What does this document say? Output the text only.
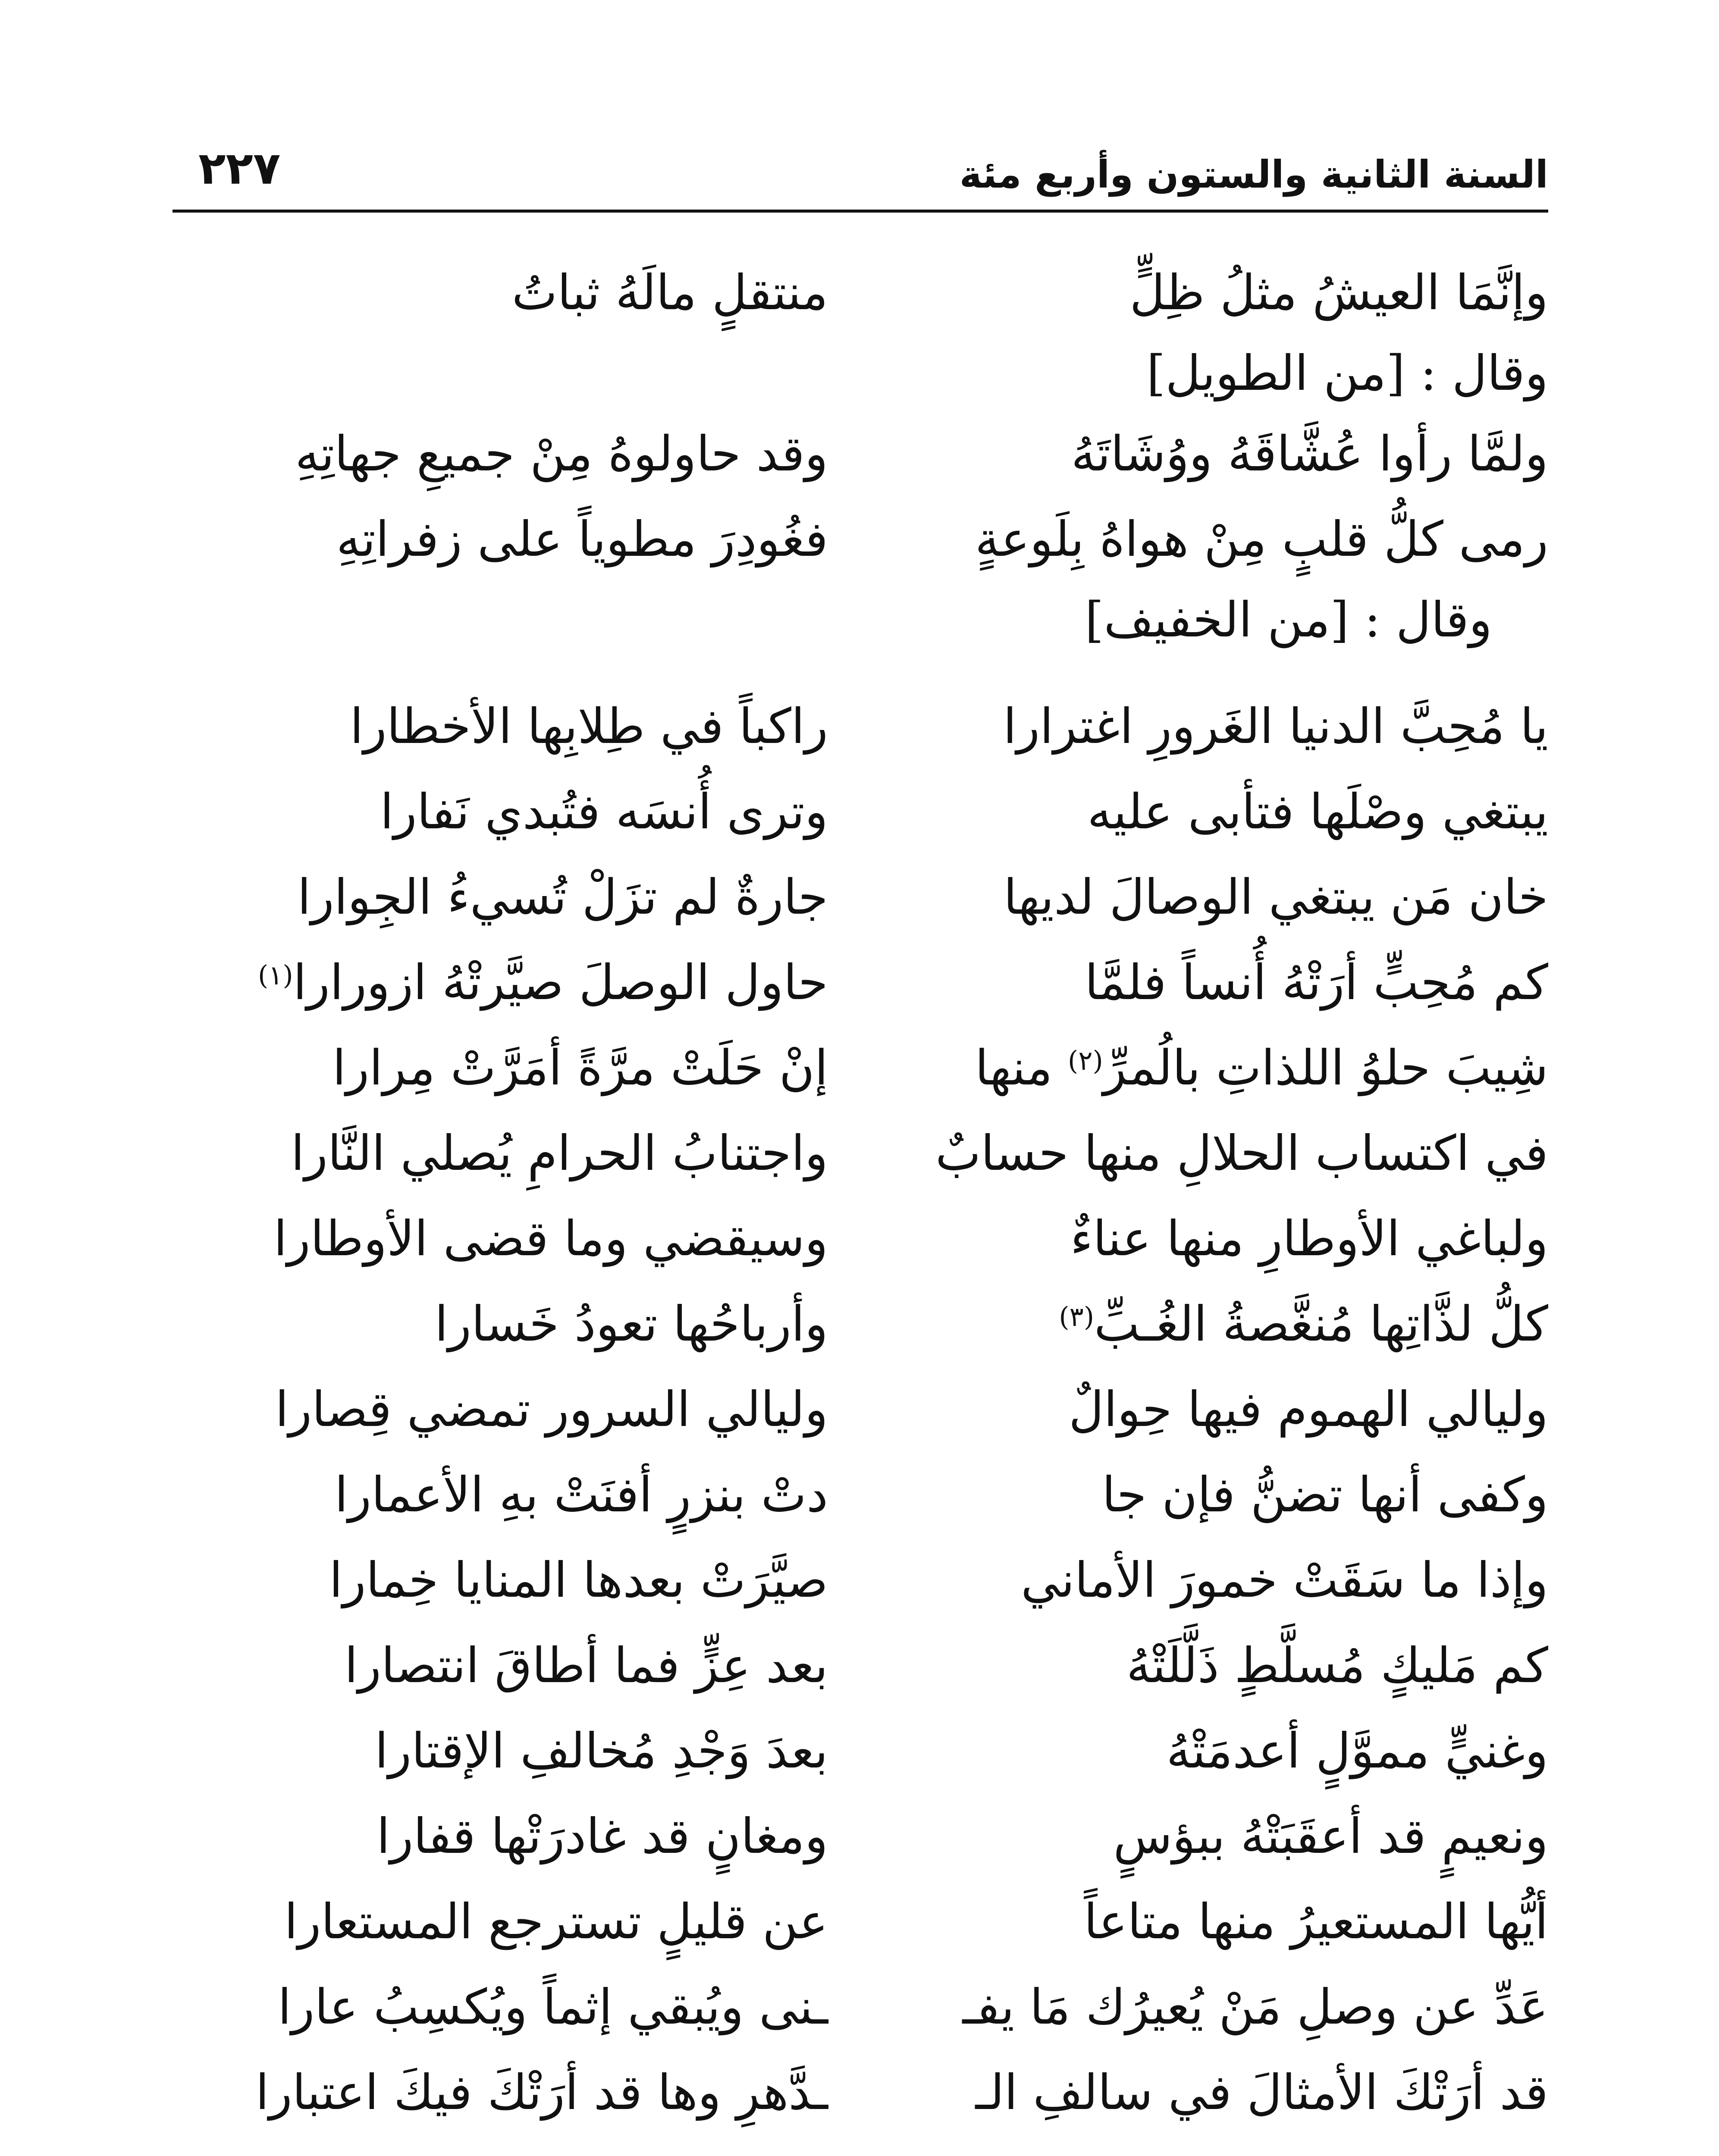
السنة الثانية والستون وأربع مئة
٢٢٧
وإنَّمَا العيشُ مثلُ ظِلٍّ
منتقلٍ مالَهُ ثباتُ
وقال : [من الطويل]
ولمَّا رأوا عُشَّاقَهُ ووُشَاتَهُ
وقد حاولوهُ مِنْ جميعِ جهاتِهِ
رمى كلُّ قلبٍ مِنْ هواهُ بِلَوعةٍ
فغُودِرَ مطوياً على زفراتِهِ
وقال : [من الخفيف]
يا مُحِبَّ الدنيا الغَرورِ اغترارا
راكباً في طِلابِها الأخطارا
يبتغي وصْلَها فتأبى عليه
وترى أُنسَه فتُبدي نَفارا
خان مَن يبتغي الوصالَ لديها
جارةٌ لم تزَلْ تُسيءُ الجِوارا
كم مُحِبٍّ أرَتْهُ أُنساً فلمَّا
حاول الوصلَ صيَّرتْهُ ازورارا$^{(١)}$
شِيبَ حلوُ اللذاتِ بالُمرِّ$^{(٢)}$ منها
إنْ حَلَتْ مرَّةً أمَرَّتْ مِرارا
في اكتساب الحلالِ منها حسابٌ
واجتنابُ الحرامِ يُصلي النَّارا
ولباغي الأوطارِ منها عناءٌ
وسيقضي وما قضى الأوطارا
كلُّ لذَّاتِها مُنغَّصةُ الغُـبِّ$^{(٣)}$
وأرباحُها تعودُ خَسارا
وليالي الهموم فيها حِوالٌ
وليالي السرور تمضي قِصارا
وكفى أنها تضنُّ فإن جا
دتْ بنزرٍ أفنَتْ بهِ الأعمارا
وإذا ما سَقَتْ خمورَ الأماني
صيَّرَتْ بعدها المنايا خِمارا
كم مَليكٍ مُسلَّطٍ ذَلَّلَتْهُ
بعد عِزٍّ فما أطاقَ انتصارا
وغنيٍّ مموَّلٍ أعدمَتْهُ
بعدَ وَجْدِ مُخالفِ الإقتارا
ونعيمٍ قد أعقَبَتْهُ ببؤسٍ
ومغانٍ قد غادرَتْها قفارا
أيُّها المستعيرُ منها متاعاً
عن قليلٍ تسترجع المستعارا
عَدِّ عن وصلِ مَنْ يُعيرُك مَا يفـ
ـنى ويُبقي إثماً ويُكسِبُ عارا
قد أرَتْكَ الأمثالَ في سالفِ الـ
ـدَّهرِ وها قد أرَتْكَ فيكَ اعتبارا
